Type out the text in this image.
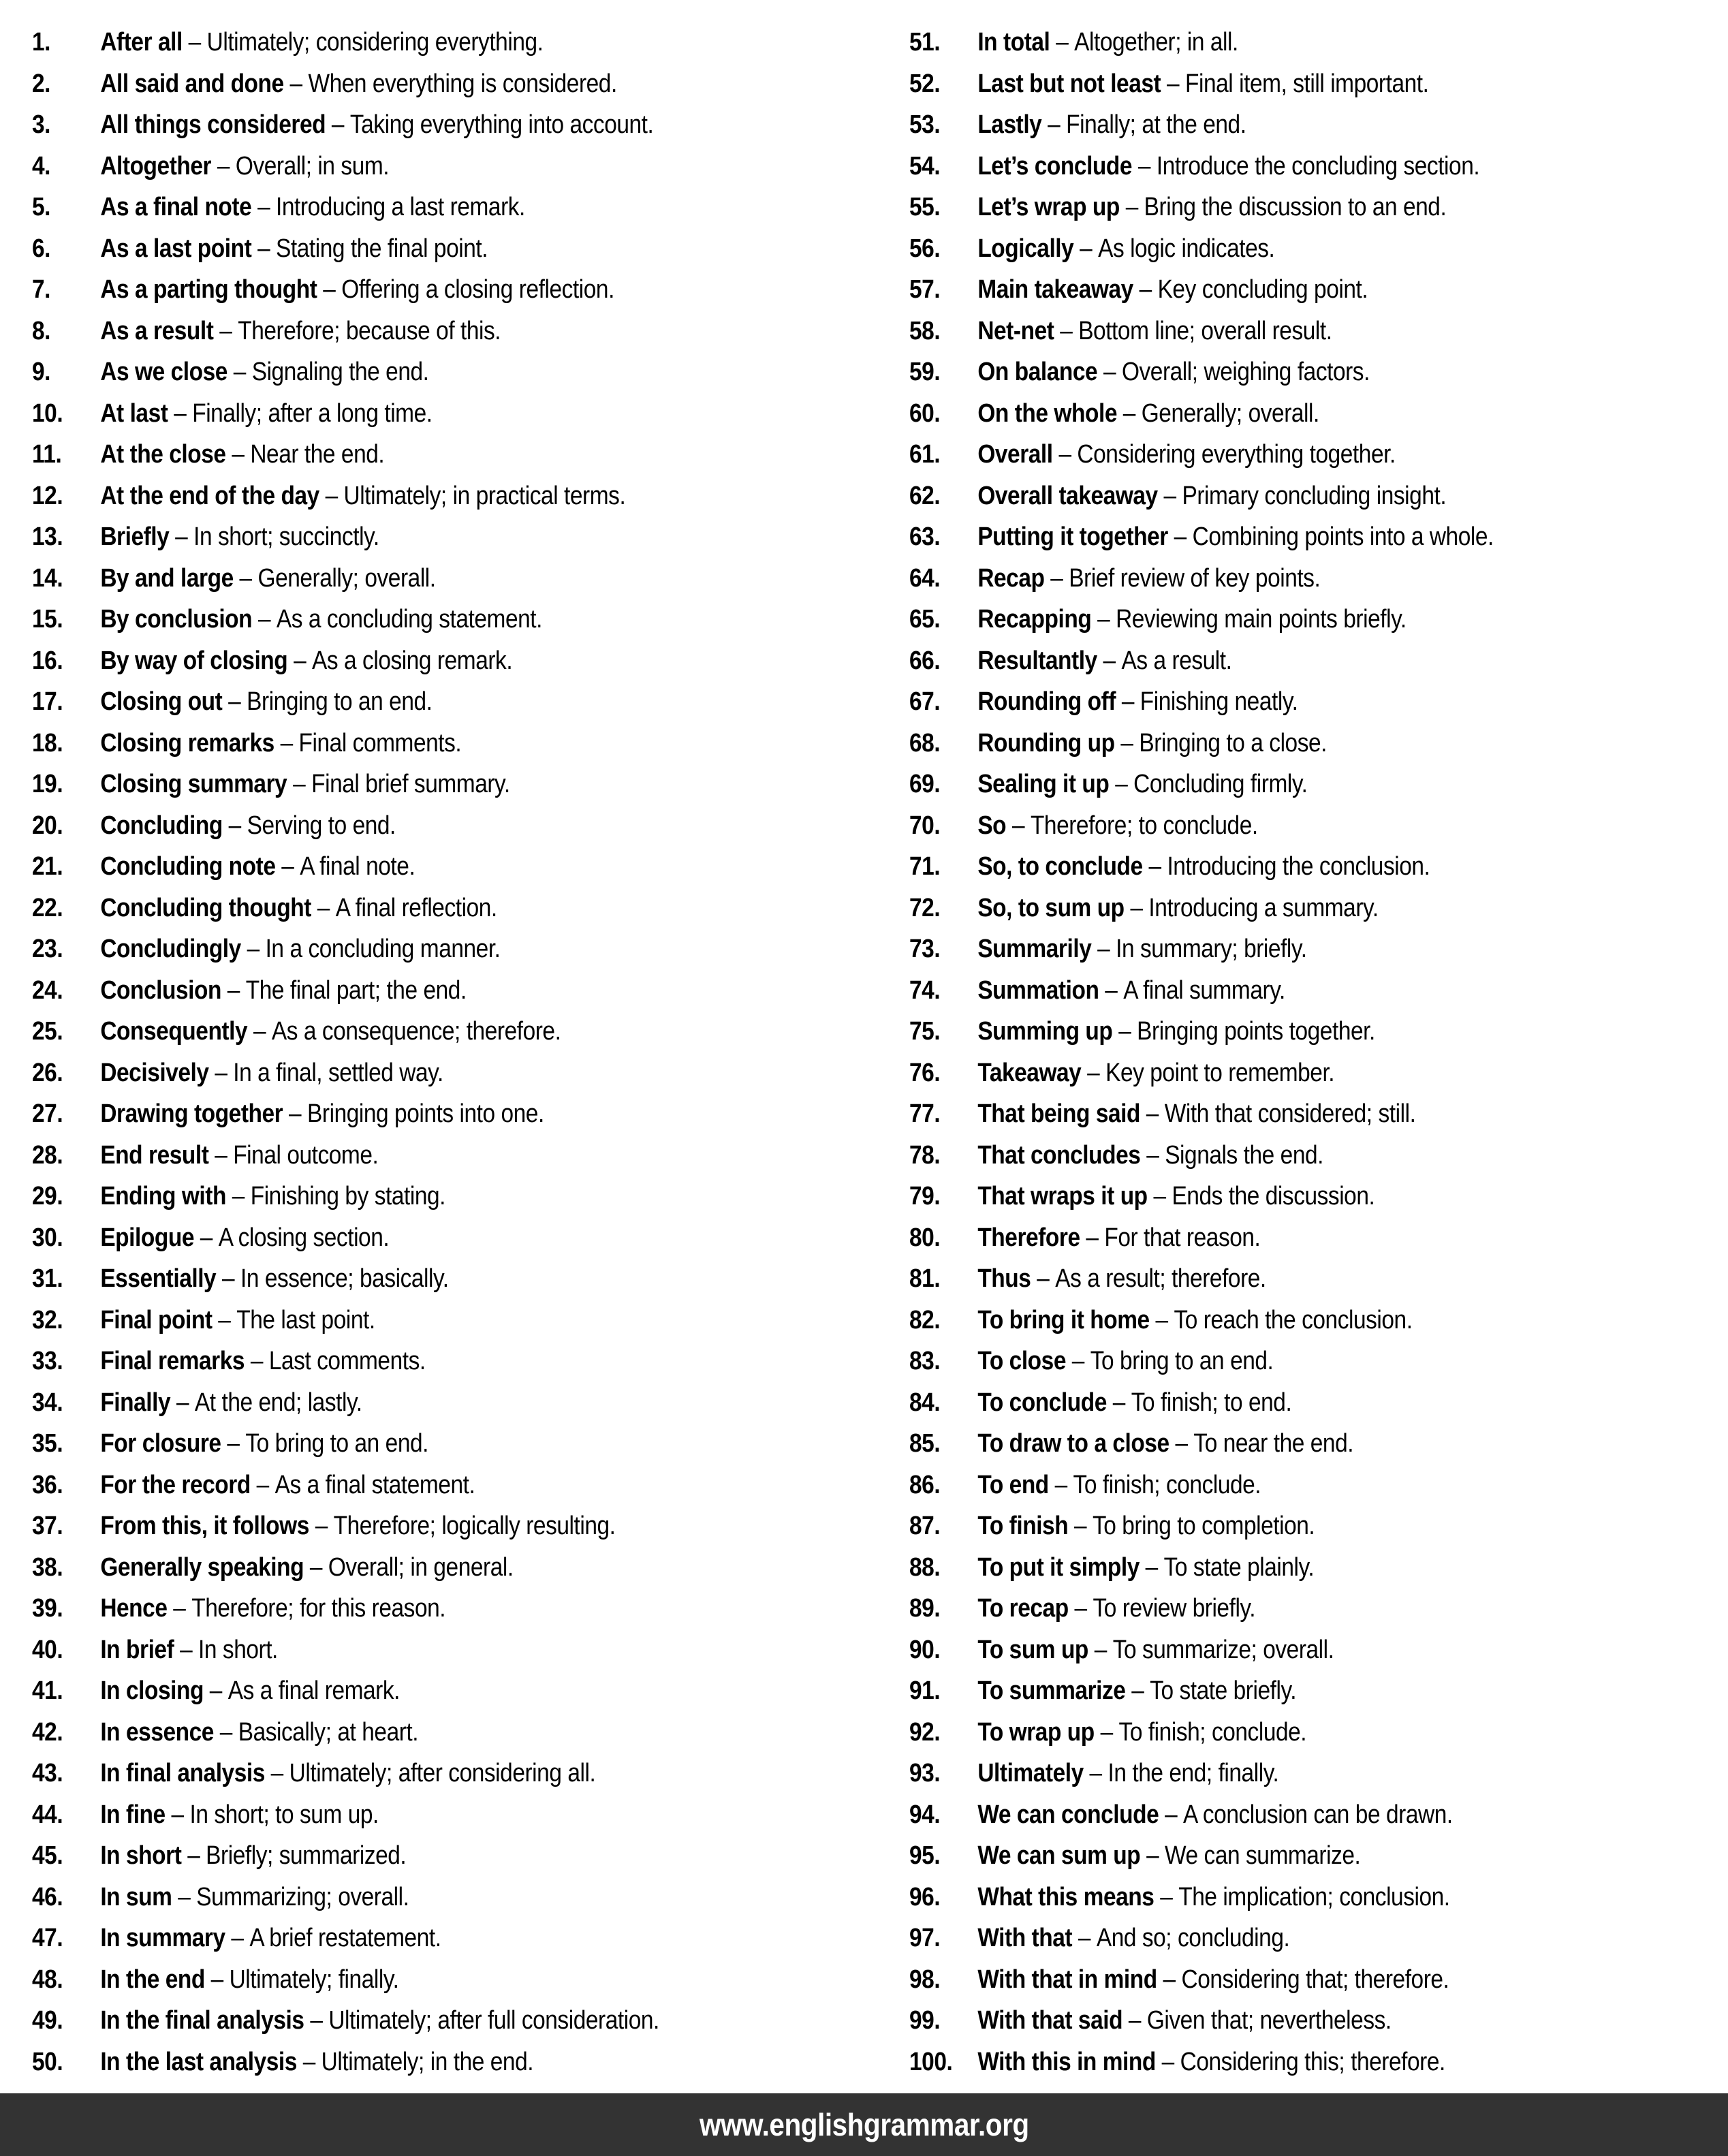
1.	After all – Ultimately; considering everything.
2.	All said and done – When everything is considered.
3.	All things considered – Taking everything into account.
4.	Altogether – Overall; in sum.
5.	As a final note – Introducing a last remark.
6.	As a last point – Stating the final point.
7.	As a parting thought – Offering a closing reflection.
8.	As a result – Therefore; because of this.
9.	As we close – Signaling the end.
10.	At last – Finally; after a long time.
11.	At the close – Near the end.
12.	At the end of the day – Ultimately; in practical terms.
13.	Briefly – In short; succinctly.
14.	By and large – Generally; overall.
15.	By conclusion – As a concluding statement.
16.	By way of closing – As a closing remark.
17.	Closing out – Bringing to an end.
18.	Closing remarks – Final comments.
19.	Closing summary – Final brief summary.
20.	Concluding – Serving to end.
21.	Concluding note – A final note.
22.	Concluding thought – A final reflection.
23.	Concludingly – In a concluding manner.
24.	Conclusion – The final part; the end.
25.	Consequently – As a consequence; therefore.
26.	Decisively – In a final, settled way.
27.	Drawing together – Bringing points into one.
28.	End result – Final outcome.
29.	Ending with – Finishing by stating.
30.	Epilogue – A closing section.
31.	Essentially – In essence; basically.
32.	Final point – The last point.
33.	Final remarks – Last comments.
34.	Finally – At the end; lastly.
35.	For closure – To bring to an end.
36.	For the record – As a final statement.
37.	From this, it follows – Therefore; logically resulting.
38.	Generally speaking – Overall; in general.
39.	Hence – Therefore; for this reason.
40.	In brief – In short.
41.	In closing – As a final remark.
42.	In essence – Basically; at heart.
43.	In final analysis – Ultimately; after considering all.
44.	In fine – In short; to sum up.
45.	In short – Briefly; summarized.
46.	In sum – Summarizing; overall.
47.	In summary – A brief restatement.
48.	In the end – Ultimately; finally.
49.	In the final analysis – Ultimately; after full consideration.
50.	In the last analysis – Ultimately; in the end.
51.	In total – Altogether; in all.
52.	Last but not least – Final item, still important.
53.	Lastly – Finally; at the end.
54.	Let’s conclude – Introduce the concluding section.
55.	Let’s wrap up – Bring the discussion to an end.
56.	Logically – As logic indicates.
57.	Main takeaway – Key concluding point.
58.	Net-net – Bottom line; overall result.
59.	On balance – Overall; weighing factors.
60.	On the whole – Generally; overall.
61.	Overall – Considering everything together.
62.	Overall takeaway – Primary concluding insight.
63.	Putting it together – Combining points into a whole.
64.	Recap – Brief review of key points.
65.	Recapping – Reviewing main points briefly.
66.	Resultantly – As a result.
67.	Rounding off – Finishing neatly.
68.	Rounding up – Bringing to a close.
69.	Sealing it up – Concluding firmly.
70.	So – Therefore; to conclude.
71.	So, to conclude – Introducing the conclusion.
72.	So, to sum up – Introducing a summary.
73.	Summarily – In summary; briefly.
74.	Summation – A final summary.
75.	Summing up – Bringing points together.
76.	Takeaway – Key point to remember.
77.	That being said – With that considered; still.
78.	That concludes – Signals the end.
79.	That wraps it up – Ends the discussion.
80.	Therefore – For that reason.
81.	Thus – As a result; therefore.
82.	To bring it home – To reach the conclusion.
83.	To close – To bring to an end.
84.	To conclude – To finish; to end.
85.	To draw to a close – To near the end.
86.	To end – To finish; conclude.
87.	To finish – To bring to completion.
88.	To put it simply – To state plainly.
89.	To recap – To review briefly.
90.	To sum up – To summarize; overall.
91.	To summarize – To state briefly.
92.	To wrap up – To finish; conclude.
93.	Ultimately – In the end; finally.
94.	We can conclude – A conclusion can be drawn.
95.	We can sum up – We can summarize.
96.	What this means – The implication; conclusion.
97.	With that – And so; concluding.
98.	With that in mind – Considering that; therefore.
99.	With that said – Given that; nevertheless.
100. With this in mind – Considering this; therefore.
www.englishgrammar.org
